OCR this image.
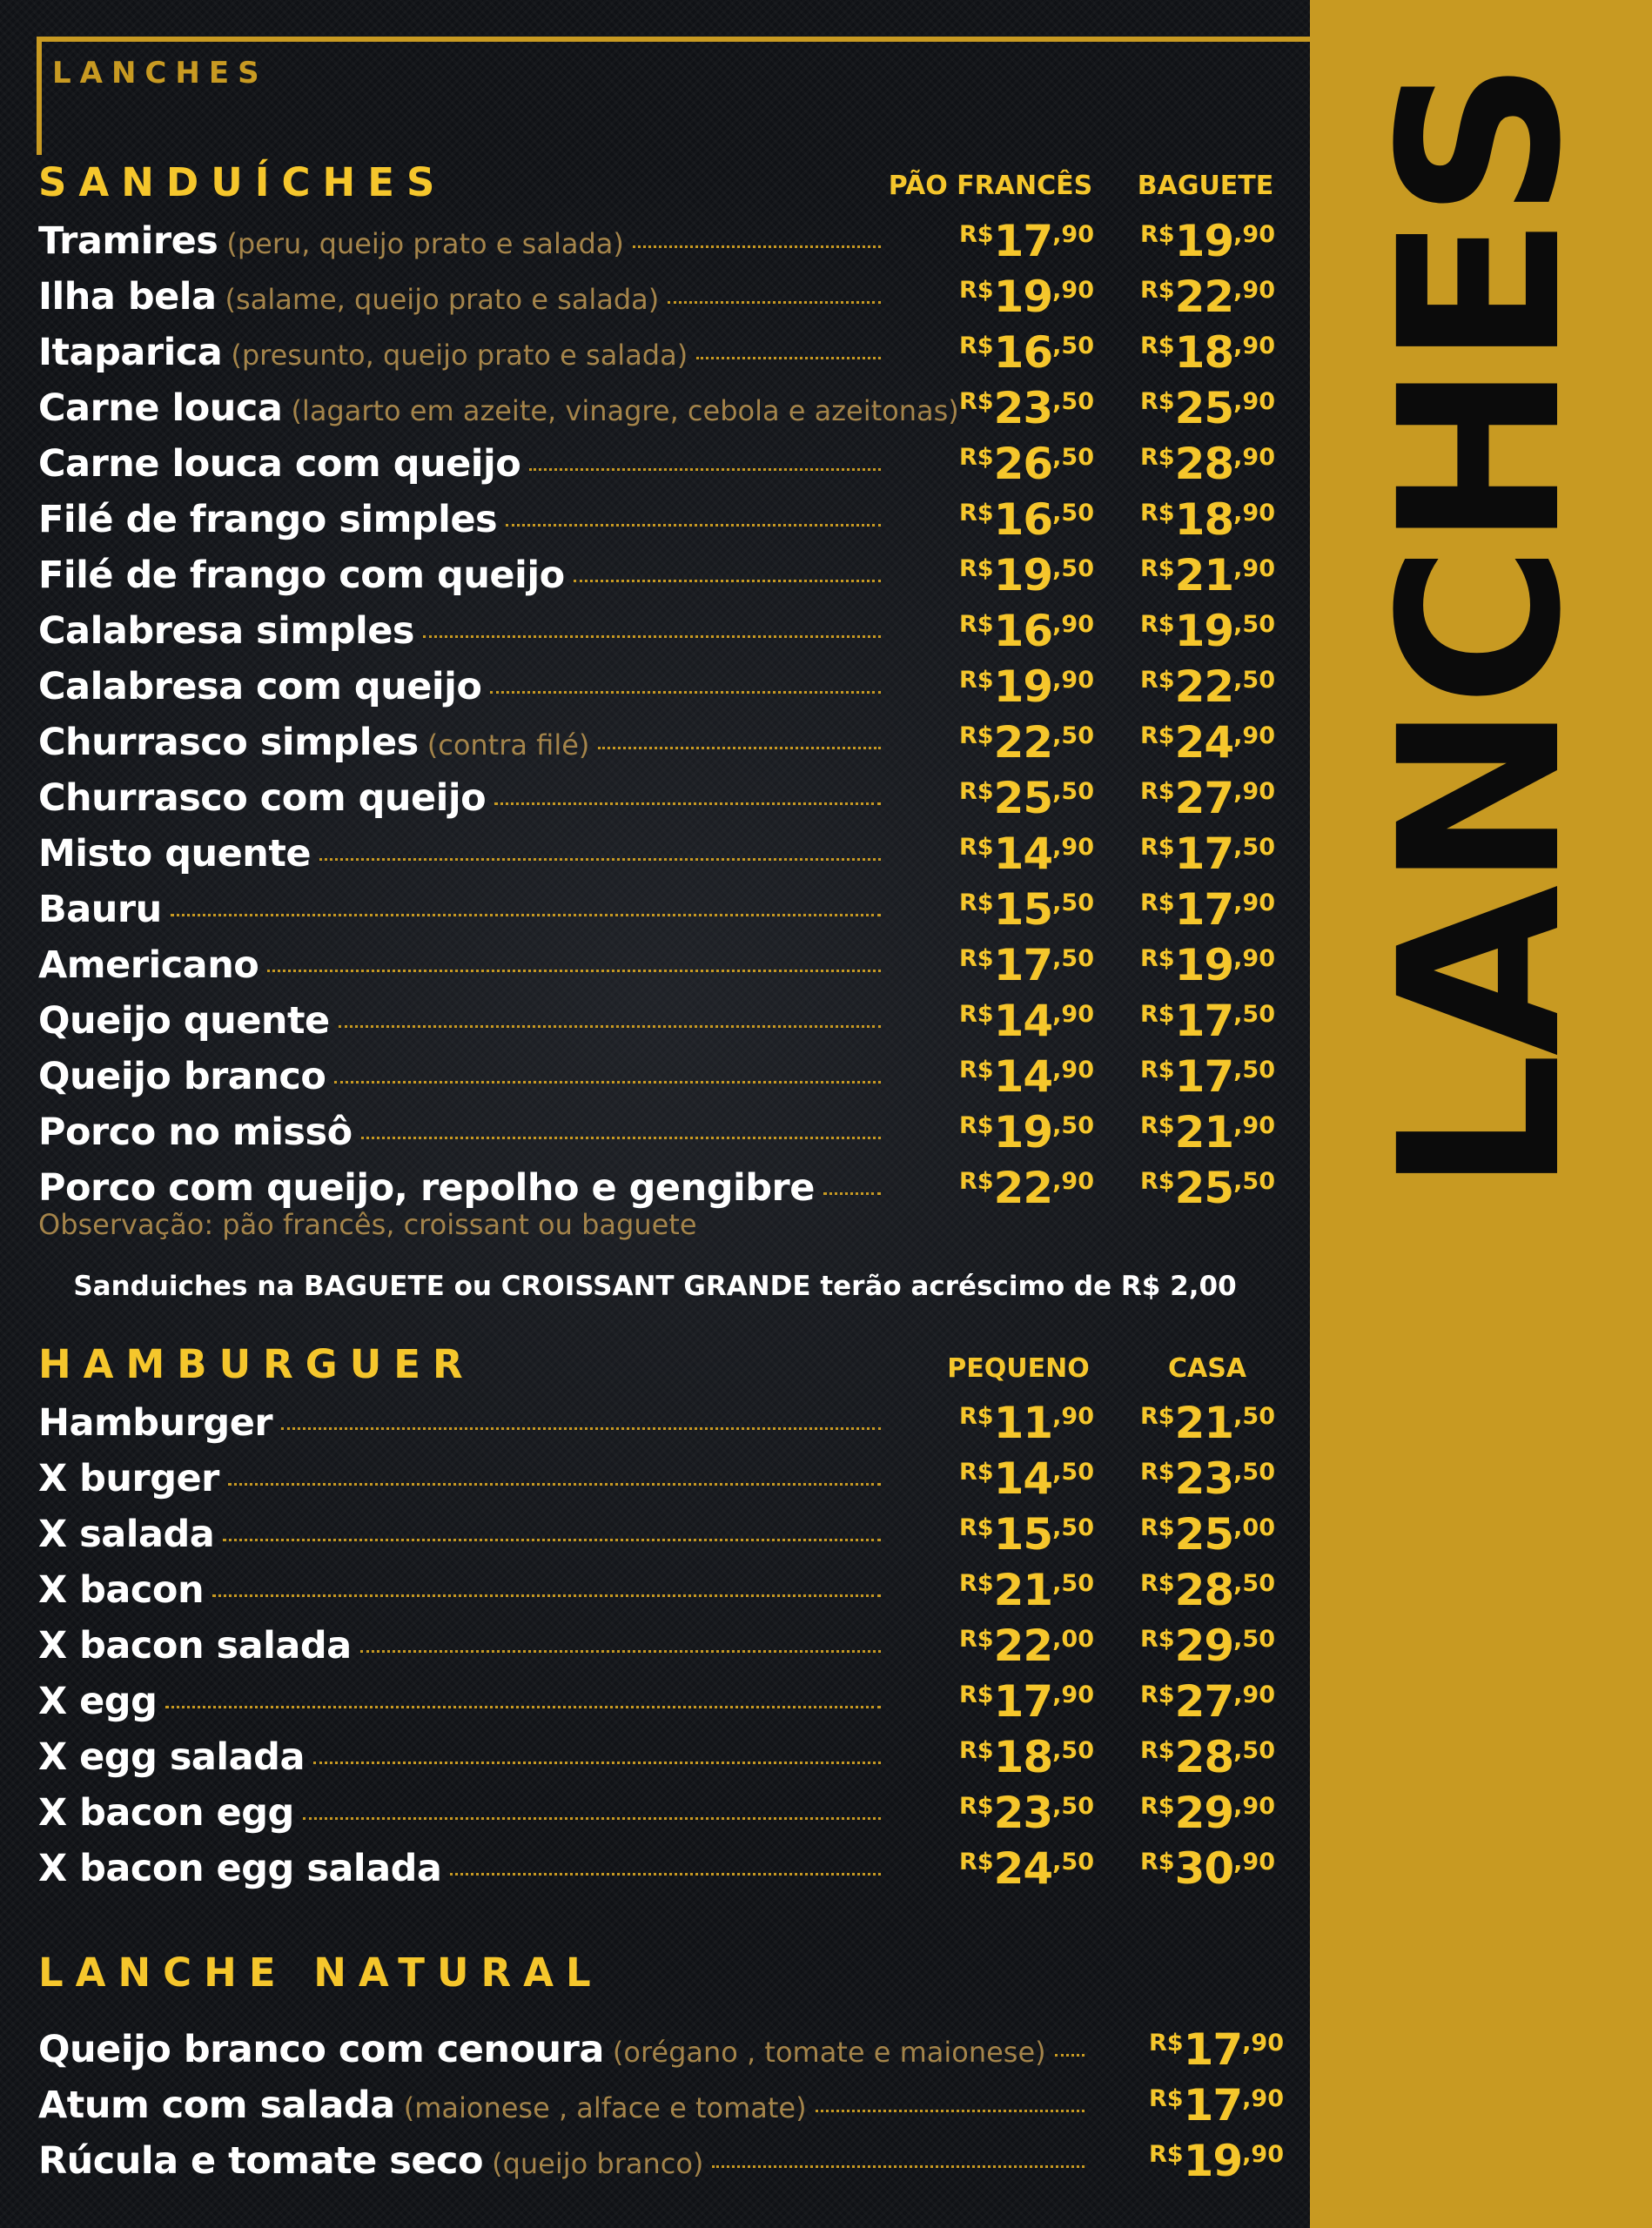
LANCHES
SANDUÍCHES	PÃO FRANCÊS BAGUETE
Tramires (peru, queijo prato e salada)	R$17,90 R$19,90
Ilha bela (salame, queijo prato e salada)	R$19,90 R$22,90
Itaparica (presunto, queijo prato e salada)	R$16,50 R$18,90
Carne louca (lagarto em azeite, vinagre, cebola e azeitonas) R$23,50 R$25,90
Carne louca com queijo	R$26,50 R$28,90
Filé de frango simples	R$16,50 R$18,90
Filé de frango com queijo	R$19,50 R$21,90
Calabresa simples	R$16,90 R$19,50
Calabresa com queijo	R$19,90 R$22,50
Churrasco simples (contra filé)	R$22,50 R$24,90
Churrasco com queijo	R$25,50 R$27,90
Misto quente	R$14,90 R$17,50
Bauru	R$15,50 R$17,90
Americano	R$17,50 R$19,90
Queijo quente	R$14,90 R$17,50
Queijo branco	R$14,90 R$17,50
Porco no missô	R$19,50 R$21,90
Porco com queijo, repolho e gengibre	R$22,90 R$25,50
Observação: pão francês, croissant ou baguete
Sanduiches na BAGUETE ou CROISSANT GRANDE terão acréscimo de R$ 2,00
HAMBURGUER	PEQUENO	CASA
Hamburger	R$11,90 R$21,50
X burger	R$14,50 R$23,50
X salada	R$15,50 R$25,00
X bacon	R$21,50 R$28,50
X bacon salada	R$22,00 R$29,50
X egg	R$17,90 R$27,90
X egg salada	R$18,50 R$28,50
X bacon egg	R$23,50 R$29,90
X bacon egg salada	R$24,50 R$30,90
LANCHE NATURAL
Queijo branco com cenoura (orégano , tomate e maionese)	R$17,90
Atum com salada (maionese , alface e tomate)	R$17,90
Rúcula e tomate seco (queijo branco)	R$19,90
LANCHES
